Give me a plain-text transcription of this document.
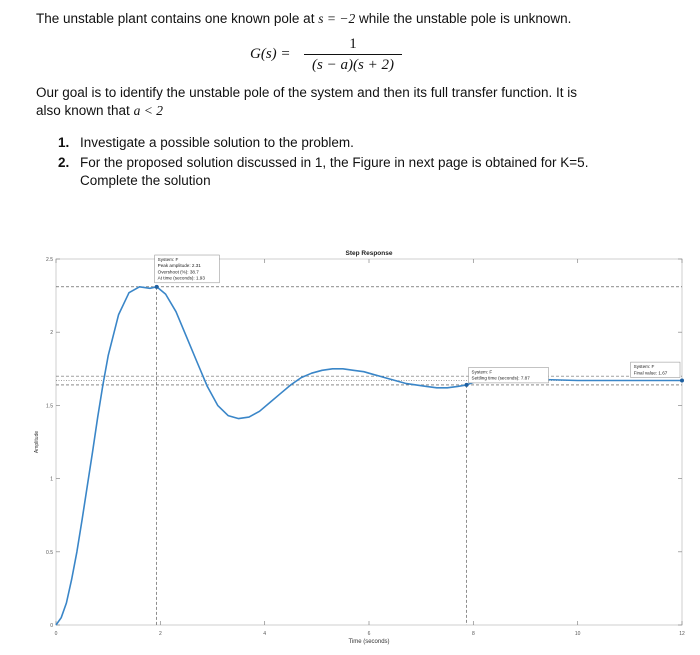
The unstable plant contains one known pole at s = −2 while the unstable pole is unknown.
G(s) =
1
(s − a)(s + 2)
Our goal is to identify the unstable pole of the system and then its full transfer function. It is
also known that a < 2
1. Investigate a possible solution to the problem.
2. For the proposed solution discussed in 1, the Figure in next page is obtained for K=5.
Complete the solution
Step Response
Time (seconds)
Amplitude
0	2	4	6	8	10	12
0
0.5
1
1.5
2
2.5	System: F
Peak amplitude: 2.31
Overshoot (%): 38.7
At time (seconds): 1.93
System: F
Settling time (seconds): 7.87
System: F
Final value: 1.67
